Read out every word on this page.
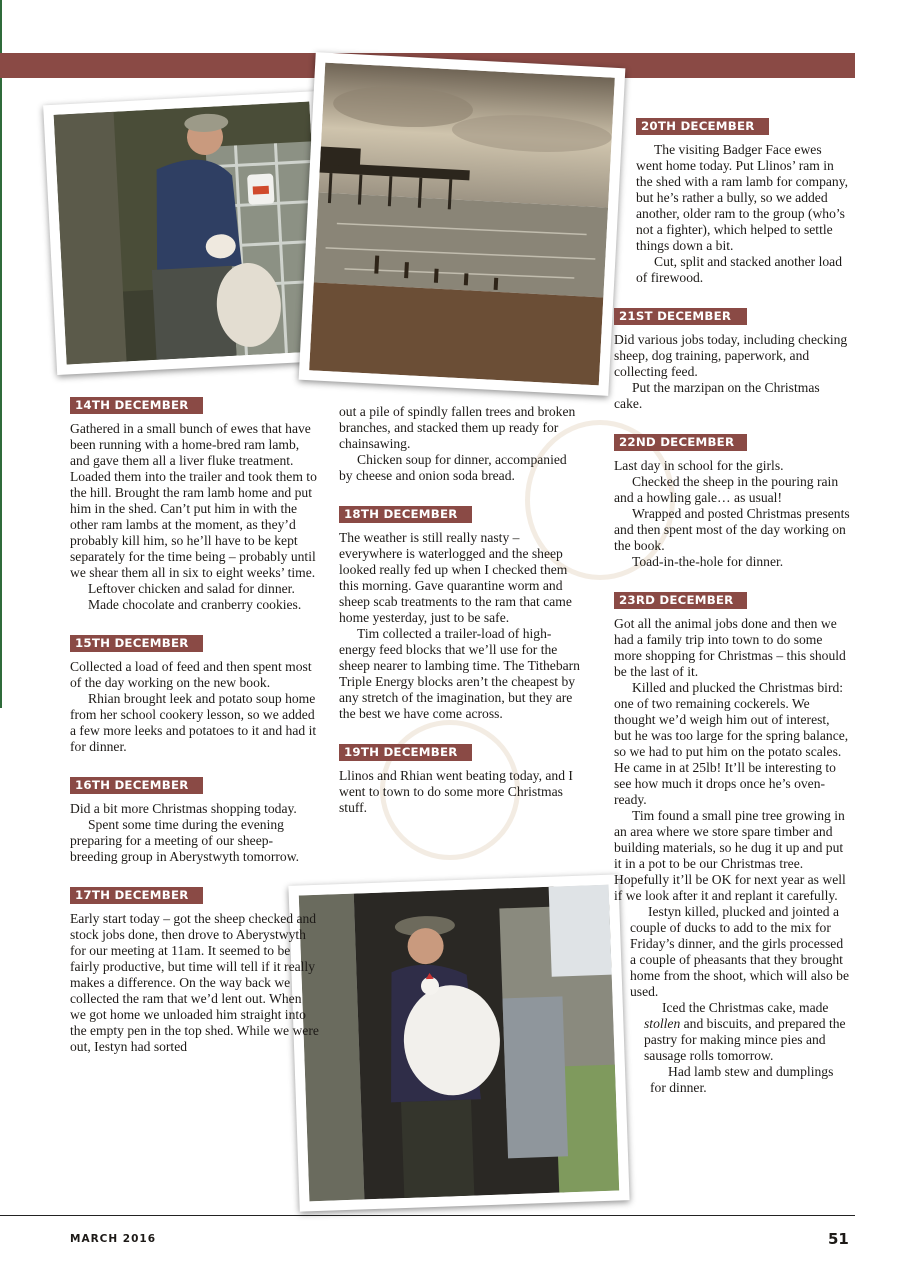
14TH DECEMBER

Gathered in a small bunch of ewes that have been running with a home-bred ram lamb, and gave them all a liver fluke treatment. Loaded them into the trailer and took them to the hill. Brought the ram lamb home and put him in the shed. Can’t put him in with the other ram lambs at the moment, as they’d probably kill him, so he’ll have to be kept separately for the time being – probably until we shear them all in six to eight weeks’ time.

Leftover chicken and salad for dinner.

Made chocolate and cranberry cookies.

15TH DECEMBER

Collected a load of feed and then spent most of the day working on the new book.

Rhian brought leek and potato soup home from her school cookery lesson, so we added a few more leeks and potatoes to it and had it for dinner.

16TH DECEMBER

Did a bit more Christmas shopping today.

Spent some time during the evening preparing for a meeting of our sheep-breeding group in Aberystwyth tomorrow.

17TH DECEMBER

Early start today – got the sheep checked and stock jobs done, then drove to Aberystwyth for our meeting at 11am. It seemed to be fairly productive, but time will tell if it really makes a difference. On the way back we collected the ram that we’d lent out. When we got home we unloaded him straight into the empty pen in the top shed. While we were out, Iestyn had sorted

out a pile of spindly fallen trees and broken branches, and stacked them up ready for chainsawing.

Chicken soup for dinner, accompanied by cheese and onion soda bread.

18TH DECEMBER

The weather is still really nasty – everywhere is waterlogged and the sheep looked really fed up when I checked them this morning. Gave quarantine worm and sheep scab treatments to the ram that came home yesterday, just to be safe.

Tim collected a trailer-load of high-energy feed blocks that we’ll use for the sheep nearer to lambing time. The Tithebarn Triple Energy blocks aren’t the cheapest by any stretch of the imagination, but they are the best we have come across.

19TH DECEMBER

Llinos and Rhian went beating today, and I went to town to do some more Christmas stuff.

20TH DECEMBER

The visiting Badger Face ewes went home today. Put Llinos’ ram in the shed with a ram lamb for company, but he’s rather a bully, so we added another, older ram to the group (who’s not a fighter), which helped to settle things down a bit.

Cut, split and stacked another load of firewood.

21ST DECEMBER

Did various jobs today, including checking sheep, dog training, paperwork, and collecting feed.

Put the marzipan on the Christmas cake.

22ND DECEMBER

Last day in school for the girls.

Checked the sheep in the pouring rain and a howling gale… as usual!

Wrapped and posted Christmas presents and then spent most of the day working on the book.

Toad-in-the-hole for dinner.

23RD DECEMBER

Got all the animal jobs done and then we had a family trip into town to do some more shopping for Christmas – this should be the last of it.

Killed and plucked the Christmas bird: one of two remaining cockerels. We thought we’d weigh him out of interest, but he was too large for the spring balance, so we had to put him on the potato scales. He came in at 25lb! It’ll be interesting to see how much it drops once he’s oven-ready.

Tim found a small pine tree growing in an area where we store spare timber and building materials, so he dug it up and put it in a pot to be our Christmas tree. Hopefully it’ll be OK for next year as well if we look after it and replant it carefully.

Iestyn killed, plucked and jointed a couple of ducks to add to the mix for Friday’s dinner, and the girls processed a couple of pheasants that they brought home from the shoot, which will also be used.

Iced the Christmas cake, made stollen and biscuits, and prepared the pastry for making mince pies and sausage rolls tomorrow.

Had lamb stew and dumplings for dinner.

MARCH 2016	51
